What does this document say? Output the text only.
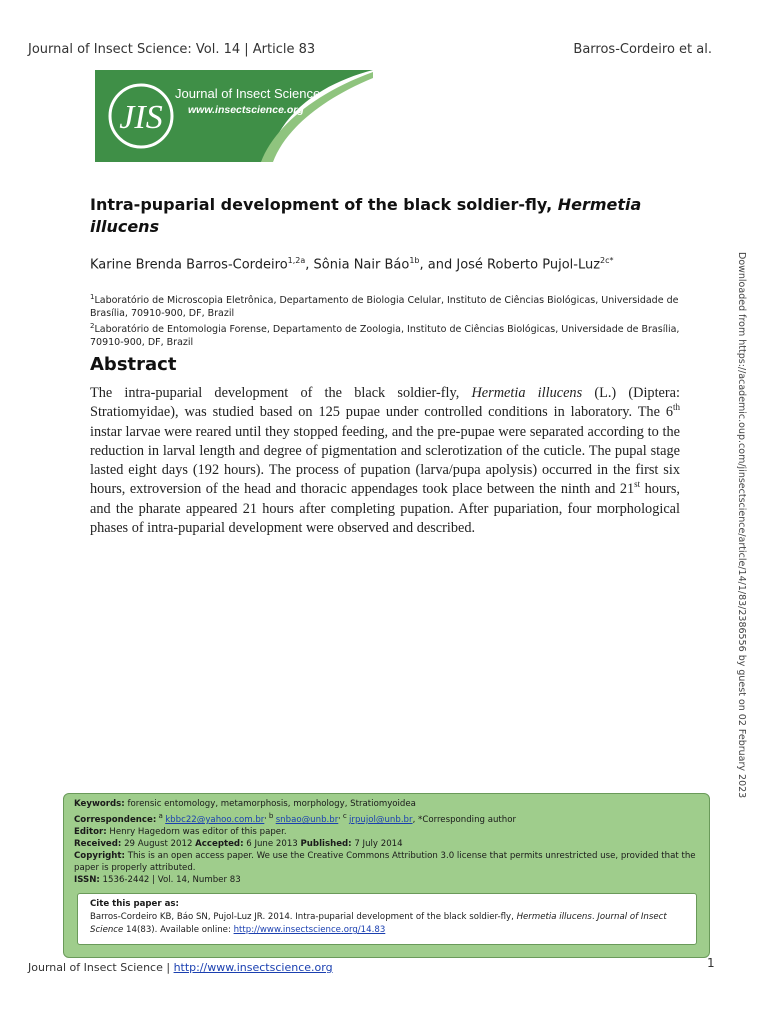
Journal of Insect Science: Vol. 14 | Article 83	Barros-Cordeiro et al.
JIS
Journal of Insect Science
www.insectscience.org
Intra-puparial development of the black soldier-fly, Hermetia illucens
Karine Brenda Barros-Cordeiro$^{1,2a}$, Sônia Nair Báo$^{1b}$, and José Roberto Pujol-Luz$^{2c*}$
$^1$Laboratório de Microscopia Eletrônica, Departamento de Biologia Celular, Instituto de Ciências Biológicas, Universidade de Brasília, 70910-900, DF, Brazil
$^2$Laboratório de Entomologia Forense, Departamento de Zoologia, Instituto de Ciências Biológicas, Universidade de Brasília, 70910-900, DF, Brazil
Abstract
The intra-puparial development of the black soldier-fly, Hermetia illucens (L.) (Diptera: Stratiomyidae), was studied based on 125 pupae under controlled conditions in laboratory. The 6th instar larvae were reared until they stopped feeding, and the pre-pupae were separated according to the reduction in larval length and degree of pigmentation and sclerotization of the cuticle. The pupal stage lasted eight days (192 hours). The process of pupation (larva/pupa apolysis) occurred in the first six hours, extroversion of the head and thoracic appendages took place between the ninth and 21st hours, and the pharate appeared 21 hours after completing pupation. After pupariation, four morphological phases of intra-puparial development were observed and described.	Downloaded from https://academic.oup.com/jinsectscience/article/14/1/83/2386556 by guest on 02 February 2023
Keywords: forensic entomology, metamorphosis, morphology, Stratiomyoidea
Correspondence: $^a$ $kbbc22@yahoo.com.br^{, b}$ $snbao@unb.br^{, c}$ jrpujol@unb.br, *Corresponding author
Editor: Henry Hagedorn was editor of this paper.
Received: 29 August 2012 Accepted: 6 June 2013 Published: 7 July 2014
Copyright: This is an open access paper. We use the Creative Commons Attribution 3.0 license that permits unrestricted use, provided that the paper is properly attributed.
ISSN: 1536-2442 | Vol. 14, Number 83
Cite this paper as:
Barros-Cordeiro KB, Báo SN, Pujol-Luz JR. 2014. Intra-puparial development of the black soldier-fly, Hermetia illucens. Journal of Insect Science 14(83). Available online: http://www.insectscience.org/14.83
Journal of Insect Science | http://www.insectscience.org	1
